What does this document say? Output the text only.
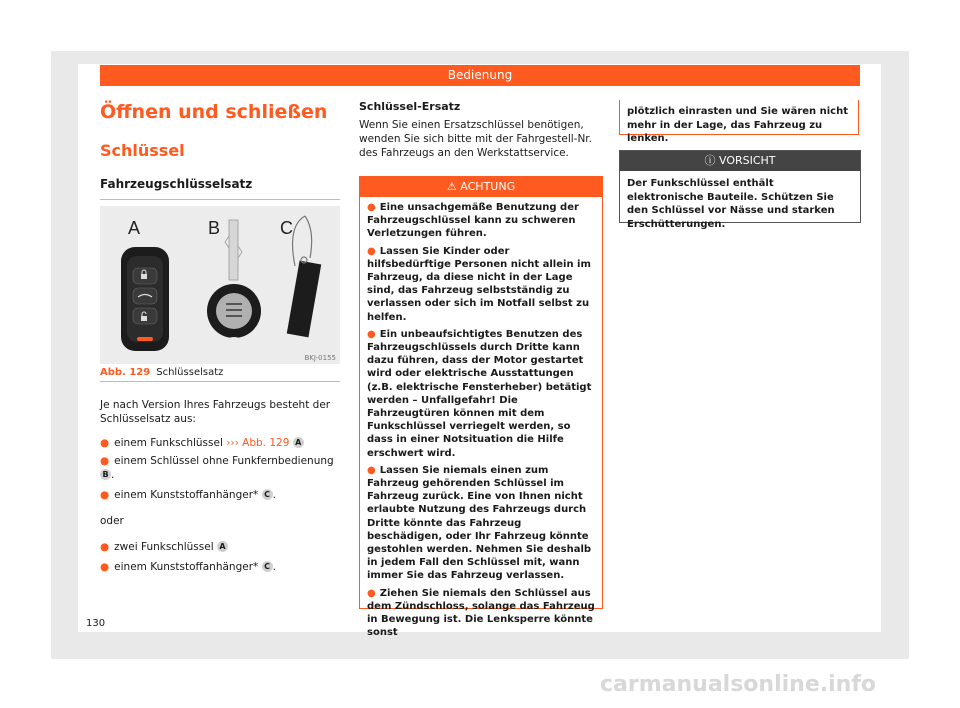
Bedienung
Öffnen und schließen
Schlüssel
Fahrzeugschlüsselsatz
A	B	C
BKJ-0155
Abb. 129 Schlüsselsatz
Je nach Version Ihres Fahrzeugs besteht der
Schlüsselsatz aus:
● einem Funkschlüssel ››› Abb. 129 A
● einem Schlüssel ohne Funkfernbedienung
B .
● einem Kunststoffanhänger* C .
oder
● zwei Funkschlüssel A
● einem Kunststoffanhänger* C .
Schlüssel-Ersatz
Wenn Sie einen Ersatzschlüssel benötigen,
wenden Sie sich bitte mit der Fahrgestell-Nr.
des Fahrzeugs an den Werkstattservice.
⚠ ACHTUNG

● Eine unsachgemäße Benutzung der Fahrzeugschlüssel kann zu schweren Verletzungen führen.

● Lassen Sie Kinder oder hilfsbedürftige Personen nicht allein im Fahrzeug, da diese nicht in der Lage sind, das Fahrzeug selbstständig zu verlassen oder sich im Notfall selbst zu helfen.

● Ein unbeaufsichtigtes Benutzen des Fahrzeugschlüssels durch Dritte kann dazu führen, dass der Motor gestartet wird oder elektrische Ausstattungen (z.B. elektrische Fensterheber) betätigt werden – Unfallgefahr! Die Fahrzeugtüren können mit dem Funkschlüssel verriegelt werden, so dass in einer Notsituation die Hilfe erschwert wird.

● Lassen Sie niemals einen zum Fahrzeug gehörenden Schlüssel im Fahrzeug zurück. Eine von Ihnen nicht erlaubte Nutzung des Fahrzeugs durch Dritte könnte das Fahrzeug beschädigen, oder Ihr Fahrzeug könnte gestohlen werden. Nehmen Sie deshalb in jedem Fall den Schlüssel mit, wann immer Sie das Fahrzeug verlassen.

● Ziehen Sie niemals den Schlüssel aus dem Zündschloss, solange das Fahrzeug in Bewegung ist. Die Lenksperre könnte sonst

plötzlich einrasten und Sie wären nicht mehr in der Lage, das Fahrzeug zu lenken.
ⓘ VORSICHT
Der Funkschlüssel enthält elektronische Bauteile. Schützen Sie den Schlüssel vor Nässe und starken Erschütterungen.
130
carmanualsonline.info
